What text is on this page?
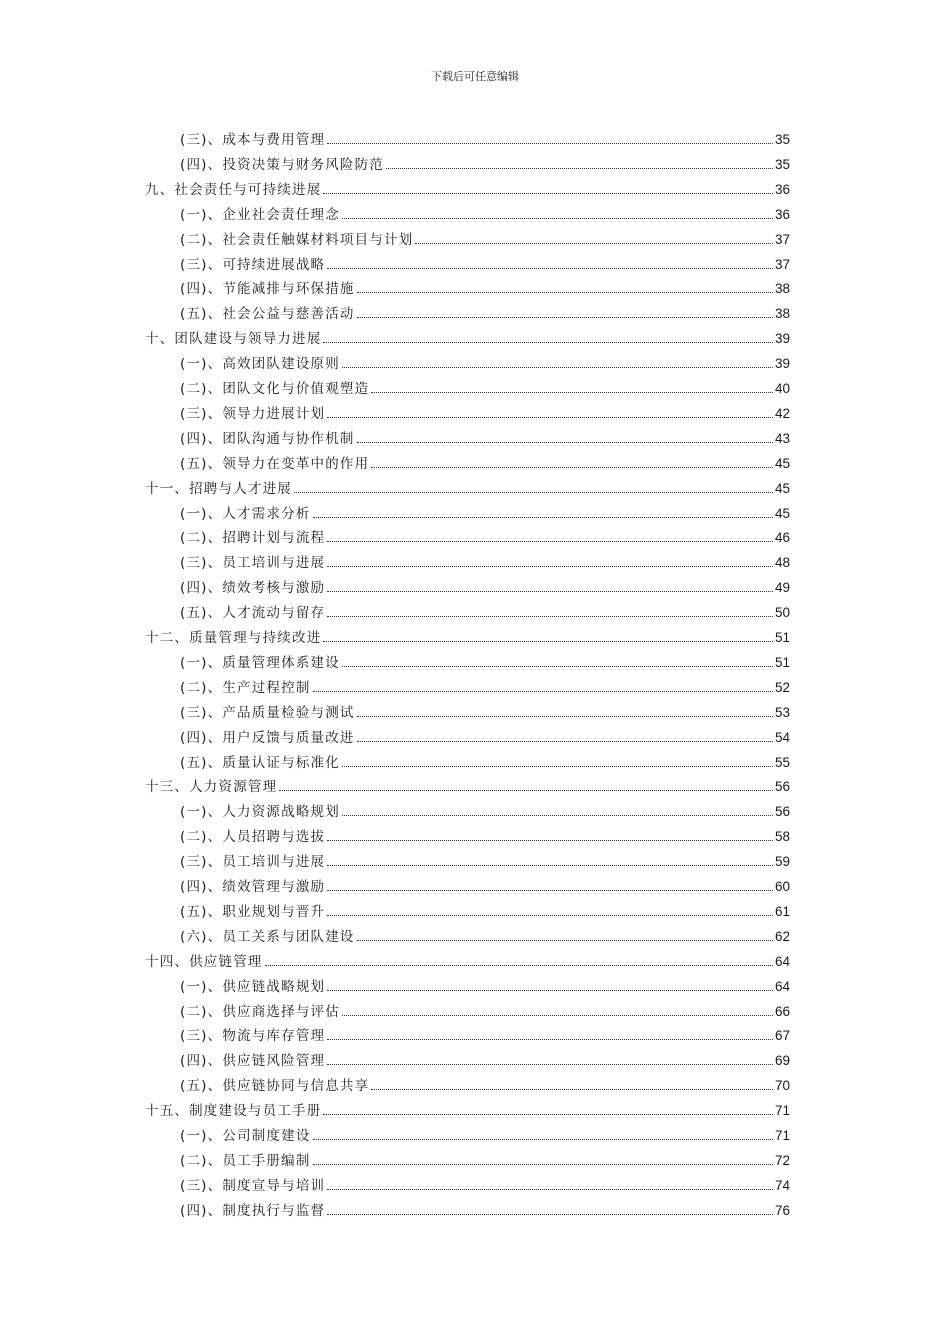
下载后可任意编辑
(三)、成本与费用管理	35
(四)、投资决策与财务风险防范	35
九、社会责任与可持续进展	36
(一)、企业社会责任理念	36
(二)、社会责任触媒材料项目与计划	37
(三)、可持续进展战略	37
(四)、节能减排与环保措施	38
(五)、社会公益与慈善活动	38
十、团队建设与领导力进展	39
(一)、高效团队建设原则	39
(二)、团队文化与价值观塑造	40
(三)、领导力进展计划	42
(四)、团队沟通与协作机制	43
(五)、领导力在变革中的作用	45
十一、招聘与人才进展	45
(一)、人才需求分析	45
(二)、招聘计划与流程	46
(三)、员工培训与进展	48
(四)、绩效考核与激励	49
(五)、人才流动与留存	50
十二、质量管理与持续改进	51
(一)、质量管理体系建设	51
(二)、生产过程控制	52
(三)、产品质量检验与测试	53
(四)、用户反馈与质量改进	54
(五)、质量认证与标准化	55
十三、人力资源管理	56
(一)、人力资源战略规划	56
(二)、人员招聘与选拔	58
(三)、员工培训与进展	59
(四)、绩效管理与激励	60
(五)、职业规划与晋升	61
(六)、员工关系与团队建设	62
十四、供应链管理	64
(一)、供应链战略规划	64
(二)、供应商选择与评估	66
(三)、物流与库存管理	67
(四)、供应链风险管理	69
(五)、供应链协同与信息共享	70
十五、制度建设与员工手册	71
(一)、公司制度建设	71
(二)、员工手册编制	72
(三)、制度宣导与培训	74
(四)、制度执行与监督	76
